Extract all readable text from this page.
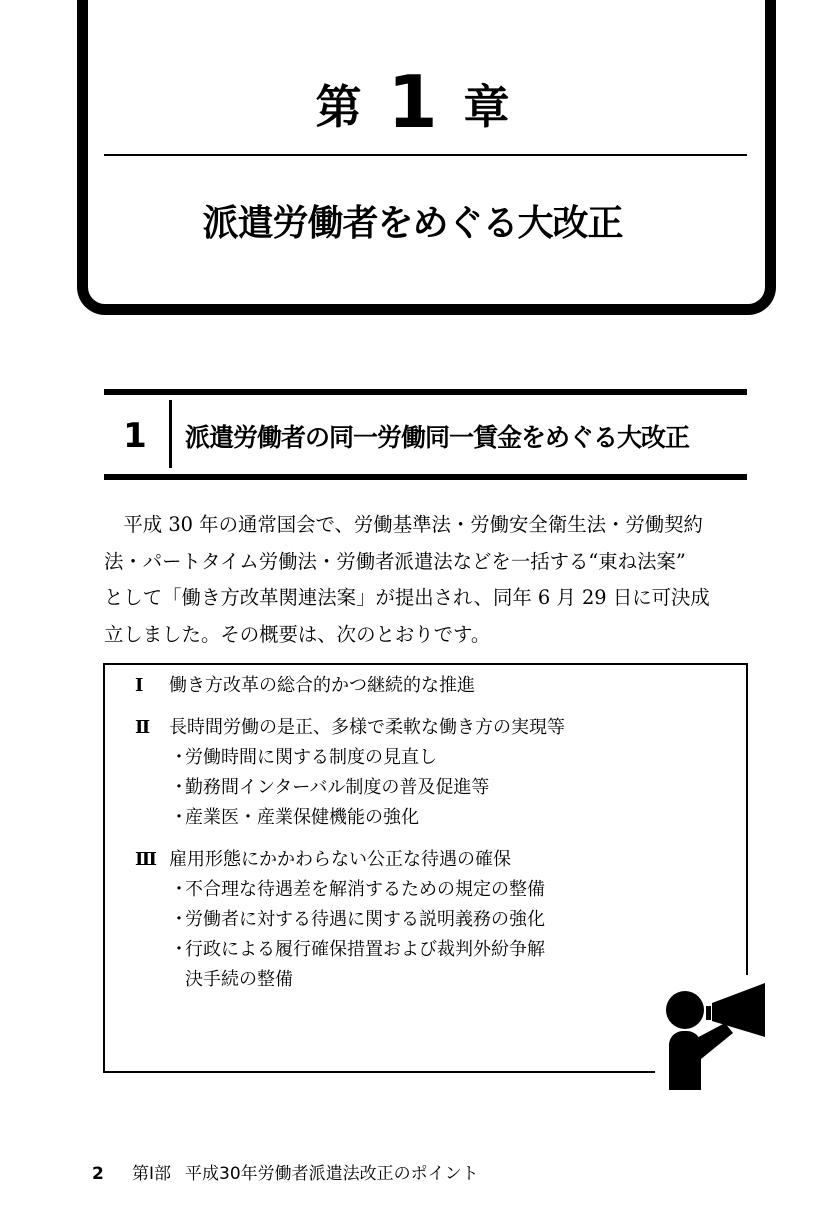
第 1 章
派遣労働者をめぐる大改正
1 派遣労働者の同一労働同一賃金をめぐる大改正
　平成 30 年の通常国会で、労働基準法・労働安全衛生法・労働契約
法・パートタイム労働法・労働者派遣法などを一括する“東ね法案”
として「働き方改革関連法案」が提出され、同年 6 月 29 日に可決成
立しました。その概要は、次のとおりです。
Ⅰ 働き方改革の総合的かつ継続的な推進
Ⅱ 長時間労働の是正、多様で柔軟な働き方の実現等
・労働時間に関する制度の見直し
・勤務間インターバル制度の普及促進等
・産業医・産業保健機能の強化
Ⅲ 雇用形態にかかわらない公正な待遇の確保
・不合理な待遇差を解消するための規定の整備
・労働者に対する待遇に関する説明義務の強化
・行政による履行確保措置および裁判外紛争解
決手続の整備
2 第Ⅰ部 平成30年労働者派遣法改正のポイント
